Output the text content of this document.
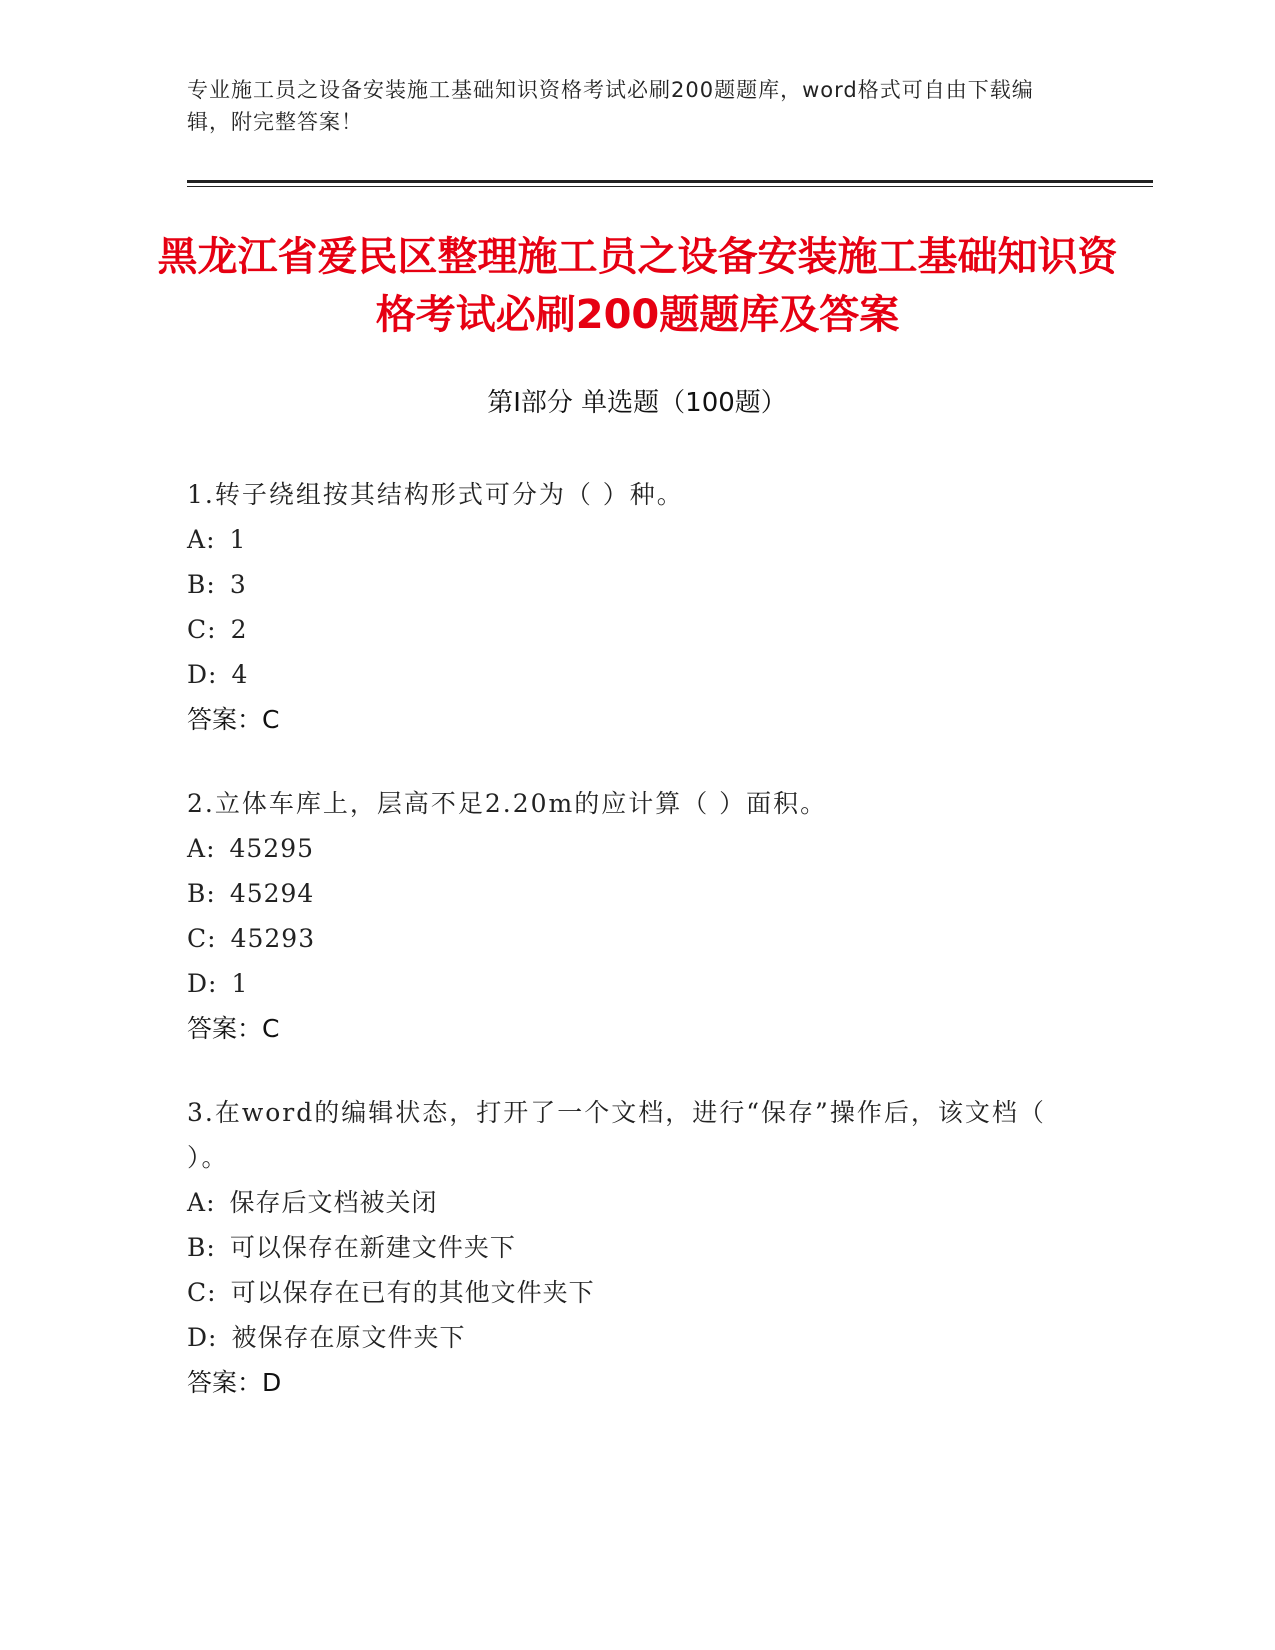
专业施工员之设备安装施工基础知识资格考试必刷200题题库，word格式可自由下载编辑，附完整答案！
黑龙江省爱民区整理施工员之设备安装施工基础知识资格考试必刷200题题库及答案
第Ⅰ部分 单选题（100题）
1.转子绕组按其结构形式可分为（ ）种。
A: 1
B: 3
C: 2
D: 4
答案：C
2.立体车库上，层高不足2.20m的应计算（ ）面积。
A: 45295
B: 45294
C: 45293
D: 1
答案：C
3.在word的编辑状态，打开了一个文档，进行“保存”操作后，该文档（ ）。
A: 保存后文档被关闭
B: 可以保存在新建文件夹下
C: 可以保存在已有的其他文件夹下
D: 被保存在原文件夹下
答案：D
